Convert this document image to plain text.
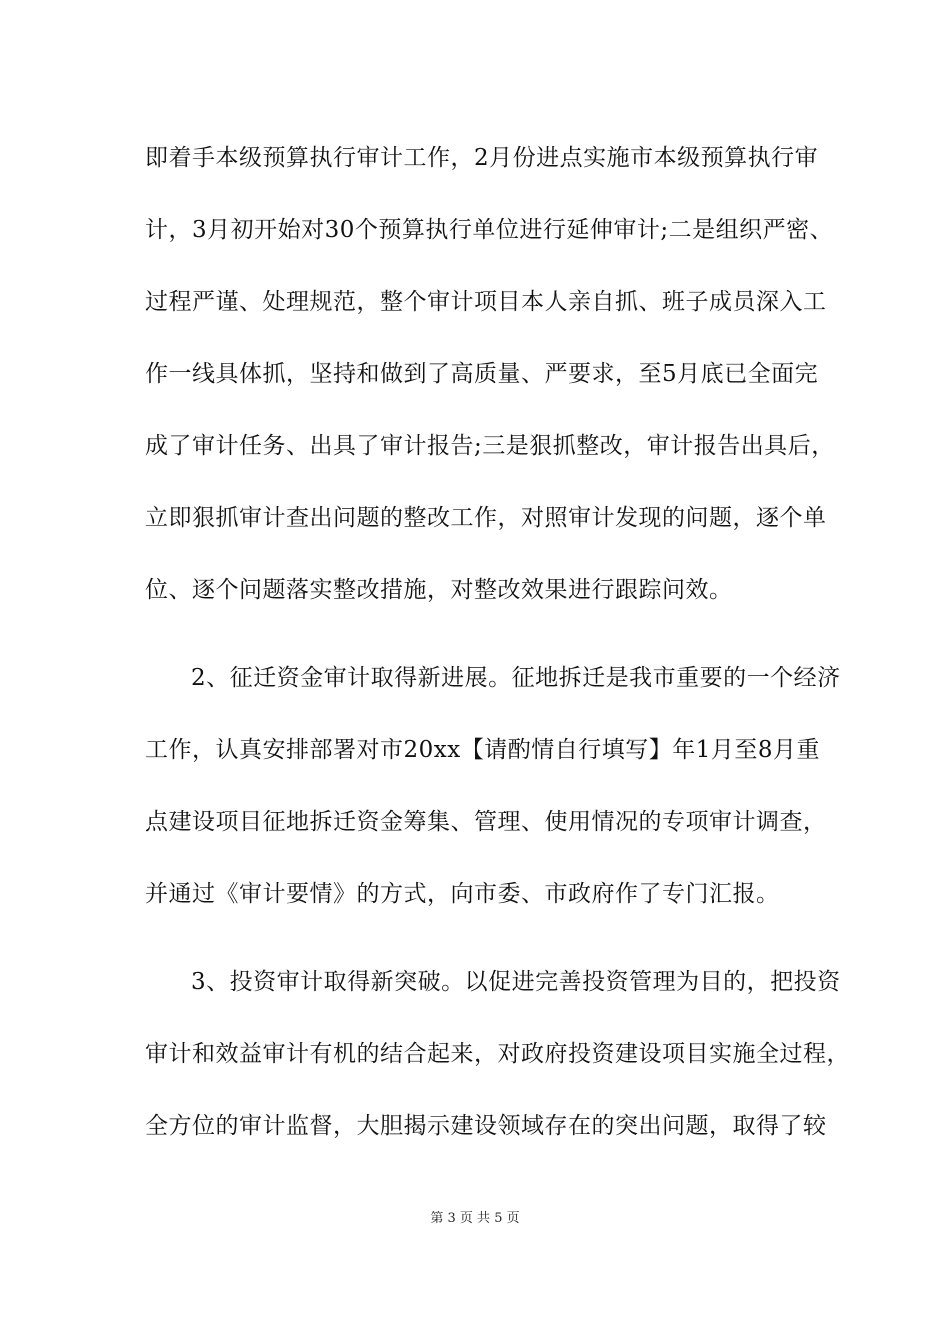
即着手本级预算执行审计工作，2月份进点实施市本级预算执行审
计，3月初开始对30个预算执行单位进行延伸审计;二是组织严密、
过程严谨、处理规范，整个审计项目本人亲自抓、班子成员深入工
作一线具体抓，坚持和做到了高质量、严要求，至5月底已全面完
成了审计任务、出具了审计报告;三是狠抓整改，审计报告出具后，
立即狠抓审计查出问题的整改工作，对照审计发现的问题，逐个单
位、逐个问题落实整改措施，对整改效果进行跟踪问效。
2、征迁资金审计取得新进展。征地拆迁是我市重要的一个经济
工作，认真安排部署对市20xx【请酌情自行填写】年1月至8月重
点建设项目征地拆迁资金筹集、管理、使用情况的专项审计调查，
并通过《审计要情》的方式，向市委、市政府作了专门汇报。
3、投资审计取得新突破。以促进完善投资管理为目的，把投资
审计和效益审计有机的结合起来，对政府投资建设项目实施全过程，
全方位的审计监督，大胆揭示建设领域存在的突出问题，取得了较
第 3 页 共 5 页
